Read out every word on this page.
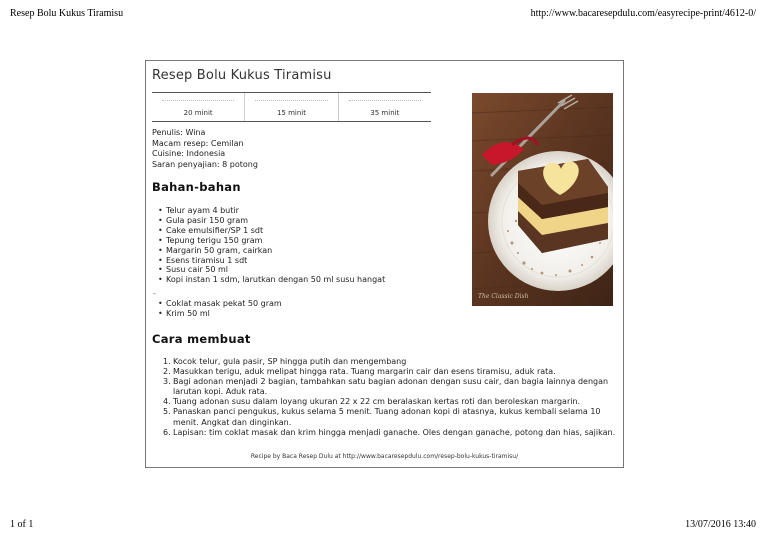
Resep Bolu Kukus Tiramisu	http://www.bacaresepdulu.com/easyrecipe-print/4612-0/
Resep Bolu Kukus Tiramisu
20 minit	15 minit	35 minit
Penulis: Wina
Macam resep: Cemilan
Cuisine: Indonesia
Saran penyajian: 8 potong
Bahan-bahan
• Telur ayam 4 butir
• Gula pasir 150 gram
• Cake emulsifier/SP 1 sdt
• Tepung terigu 150 gram
• Margarin 50 gram, cairkan
• Esens tiramisu 1 sdt
• Susu cair 50 ml
• Kopi instan 1 sdm, larutkan dengan 50 ml susu hangat
-
• Coklat masak pekat 50 gram
• Krim 50 ml
Cara membuat
1. Kocok telur, gula pasir, SP hingga putih dan mengembang
2. Masukkan terigu, aduk melipat hingga rata. Tuang margarin cair dan esens tiramisu, aduk rata.
3. Bagi adonan menjadi 2 bagian, tambahkan satu bagian adonan dengan susu cair, dan bagia lainnya dengan larutan kopi. Aduk rata.
4. Tuang adonan susu dalam loyang ukuran 22 x 22 cm beralaskan kertas roti dan beroleskan margarin.
5. Panaskan panci pengukus, kukus selama 5 menit. Tuang adonan kopi di atasnya, kukus kembali selama 10 menit. Angkat dan dinginkan.
6. Lapisan: tim coklat masak dan krim hingga menjadi ganache. Oles dengan ganache, potong dan hias, sajikan.
Recipe by Baca Resep Dulu at http://www.bacaresepdulu.com/resep-bolu-kukus-tiramisu/
The Classic Dish
1 of 1	13/07/2016 13:40
